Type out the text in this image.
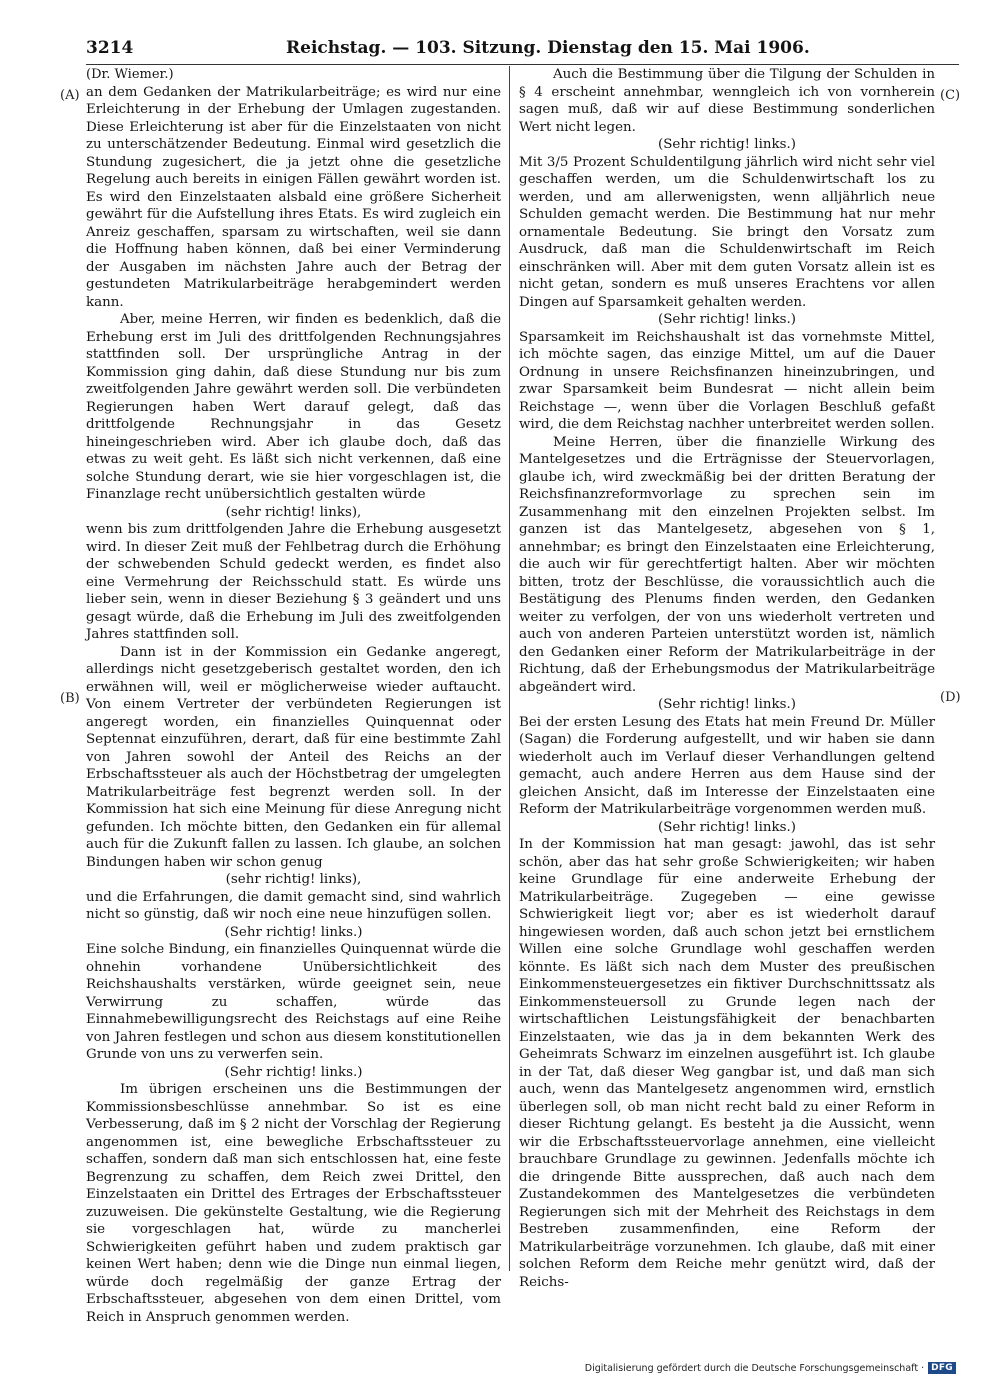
3214	Reichstag. — 103. Sitzung. Dienstag den 15. Mai 1906.
(A)
(B)
(C)
(D)

(Dr. Wiemer.)

an dem Gedanken der Matrikularbeiträge; es wird nur eine Erleichterung in der Erhebung der Umlagen zugestanden. Diese Erleichterung ist aber für die Einzelstaaten von nicht zu unterschätzender Bedeutung. Einmal wird gesetzlich die Stundung zugesichert, die ja jetzt ohne die gesetzliche Regelung auch bereits in einigen Fällen gewährt worden ist. Es wird den Einzelstaaten alsbald eine größere Sicherheit gewährt für die Aufstellung ihres Etats. Es wird zugleich ein Anreiz geschaffen, sparsam zu wirtschaften, weil sie dann die Hoffnung haben können, daß bei einer Verminderung der Ausgaben im nächsten Jahre auch der Betrag der gestundeten Matrikularbeiträge herabgemindert werden kann.

Aber, meine Herren, wir finden es bedenklich, daß die Erhebung erst im Juli des drittfolgenden Rechnungsjahres stattfinden soll. Der ursprüngliche Antrag in der Kommission ging dahin, daß diese Stundung nur bis zum zweitfolgenden Jahre gewährt werden soll. Die verbündeten Regierungen haben Wert darauf gelegt, daß das drittfolgende Rechnungsjahr in das Gesetz hineingeschrieben wird. Aber ich glaube doch, daß das etwas zu weit geht. Es läßt sich nicht verkennen, daß eine solche Stundung derart, wie sie hier vorgeschlagen ist, die Finanzlage recht unübersichtlich gestalten würde

(sehr richtig! links),

wenn bis zum drittfolgenden Jahre die Erhebung ausgesetzt wird. In dieser Zeit muß der Fehlbetrag durch die Erhöhung der schwebenden Schuld gedeckt werden, es findet also eine Vermehrung der Reichsschuld statt. Es würde uns lieber sein, wenn in dieser Beziehung § 3 geändert und uns gesagt würde, daß die Erhebung im Juli des zweitfolgenden Jahres stattfinden soll.

Dann ist in der Kommission ein Gedanke angeregt, allerdings nicht gesetzgeberisch gestaltet worden, den ich erwähnen will, weil er möglicherweise wieder auftaucht. Von einem Vertreter der verbündeten Regierungen ist angeregt worden, ein finanzielles Quinquennat oder Septennat einzuführen, derart, daß für eine bestimmte Zahl von Jahren sowohl der Anteil des Reichs an der Erbschaftssteuer als auch der Höchstbetrag der umgelegten Matrikularbeiträge fest begrenzt werden soll. In der Kommission hat sich eine Meinung für diese Anregung nicht gefunden. Ich möchte bitten, den Gedanken ein für allemal auch für die Zukunft fallen zu lassen. Ich glaube, an solchen Bindungen haben wir schon genug

(sehr richtig! links),

und die Erfahrungen, die damit gemacht sind, sind wahrlich nicht so günstig, daß wir noch eine neue hinzufügen sollen.

(Sehr richtig! links.)

Eine solche Bindung, ein finanzielles Quinquennat würde die ohnehin vorhandene Unübersichtlichkeit des Reichshaushalts verstärken, würde geeignet sein, neue Verwirrung zu schaffen, würde das Einnahmebewilligungsrecht des Reichstags auf eine Reihe von Jahren festlegen und schon aus diesem konstitutionellen Grunde von uns zu verwerfen sein.

(Sehr richtig! links.)

Im übrigen erscheinen uns die Bestimmungen der Kommissionsbeschlüsse annehmbar. So ist es eine Verbesserung, daß im § 2 nicht der Vorschlag der Regierung angenommen ist, eine bewegliche Erbschaftssteuer zu schaffen, sondern daß man sich entschlossen hat, eine feste Begrenzung zu schaffen, dem Reich zwei Drittel, den Einzelstaaten ein Drittel des Ertrages der Erbschaftssteuer zuzuweisen. Die gekünstelte Gestaltung, wie die Regierung sie vorgeschlagen hat, würde zu mancherlei Schwierigkeiten geführt haben und zudem praktisch gar keinen Wert haben; denn wie die Dinge nun einmal liegen, würde doch regelmäßig der ganze Ertrag der Erbschaftssteuer, abgesehen von dem einen Drittel, vom Reich in Anspruch genommen werden.

Auch die Bestimmung über die Tilgung der Schulden in § 4 erscheint annehmbar, wenngleich ich von vornherein sagen muß, daß wir auf diese Bestimmung sonderlichen Wert nicht legen.

(Sehr richtig! links.)

Mit 3/5 Prozent Schuldentilgung jährlich wird nicht sehr viel geschaffen werden, um die Schuldenwirtschaft los zu werden, und am allerwenigsten, wenn alljährlich neue Schulden gemacht werden. Die Bestimmung hat nur mehr ornamentale Bedeutung. Sie bringt den Vorsatz zum Ausdruck, daß man die Schuldenwirtschaft im Reich einschränken will. Aber mit dem guten Vorsatz allein ist es nicht getan, sondern es muß unseres Erachtens vor allen Dingen auf Sparsamkeit gehalten werden.

(Sehr richtig! links.)

Sparsamkeit im Reichshaushalt ist das vornehmste Mittel, ich möchte sagen, das einzige Mittel, um auf die Dauer Ordnung in unsere Reichsfinanzen hineinzubringen, und zwar Sparsamkeit beim Bundesrat — nicht allein beim Reichstage —, wenn über die Vorlagen Beschluß gefaßt wird, die dem Reichstag nachher unterbreitet werden sollen.

Meine Herren, über die finanzielle Wirkung des Mantelgesetzes und die Erträgnisse der Steuervorlagen, glaube ich, wird zweckmäßig bei der dritten Beratung der Reichsfinanzreformvorlage zu sprechen sein im Zusammenhang mit den einzelnen Projekten selbst. Im ganzen ist das Mantelgesetz, abgesehen von § 1, annehmbar; es bringt den Einzelstaaten eine Erleichterung, die auch wir für gerechtfertigt halten. Aber wir möchten bitten, trotz der Beschlüsse, die voraussichtlich auch die Bestätigung des Plenums finden werden, den Gedanken weiter zu verfolgen, der von uns wiederholt vertreten und auch von anderen Parteien unterstützt worden ist, nämlich den Gedanken einer Reform der Matrikularbeiträge in der Richtung, daß der Erhebungsmodus der Matrikularbeiträge abgeändert wird.

(Sehr richtig! links.)

Bei der ersten Lesung des Etats hat mein Freund Dr. Müller (Sagan) die Forderung aufgestellt, und wir haben sie dann wiederholt auch im Verlauf dieser Verhandlungen geltend gemacht, auch andere Herren aus dem Hause sind der gleichen Ansicht, daß im Interesse der Einzelstaaten eine Reform der Matrikularbeiträge vorgenommen werden muß.

(Sehr richtig! links.)

In der Kommission hat man gesagt: jawohl, das ist sehr schön, aber das hat sehr große Schwierigkeiten; wir haben keine Grundlage für eine anderweite Erhebung der Matrikularbeiträge. Zugegeben — eine gewisse Schwierigkeit liegt vor; aber es ist wiederholt darauf hingewiesen worden, daß auch schon jetzt bei ernstlichem Willen eine solche Grundlage wohl geschaffen werden könnte. Es läßt sich nach dem Muster des preußischen Einkommensteuergesetzes ein fiktiver Durchschnittssatz als Einkommensteuersoll zu Grunde legen nach der wirtschaftlichen Leistungsfähigkeit der benachbarten Einzelstaaten, wie das ja in dem bekannten Werk des Geheimrats Schwarz im einzelnen ausgeführt ist. Ich glaube in der Tat, daß dieser Weg gangbar ist, und daß man sich auch, wenn das Mantelgesetz angenommen wird, ernstlich überlegen soll, ob man nicht recht bald zu einer Reform in dieser Richtung gelangt. Es besteht ja die Aussicht, wenn wir die Erbschaftssteuervorlage annehmen, eine vielleicht brauchbare Grundlage zu gewinnen. Jedenfalls möchte ich die dringende Bitte aussprechen, daß auch nach dem Zustandekommen des Mantelgesetzes die verbündeten Regierungen sich mit der Mehrheit des Reichstags in dem Bestreben zusammenfinden, eine Reform der Matrikularbeiträge vorzunehmen. Ich glaube, daß mit einer solchen Reform dem Reiche mehr genützt wird, daß der Reichs-

Digitalisierung gefördert durch die Deutsche Forschungsgemeinschaft · DFG
